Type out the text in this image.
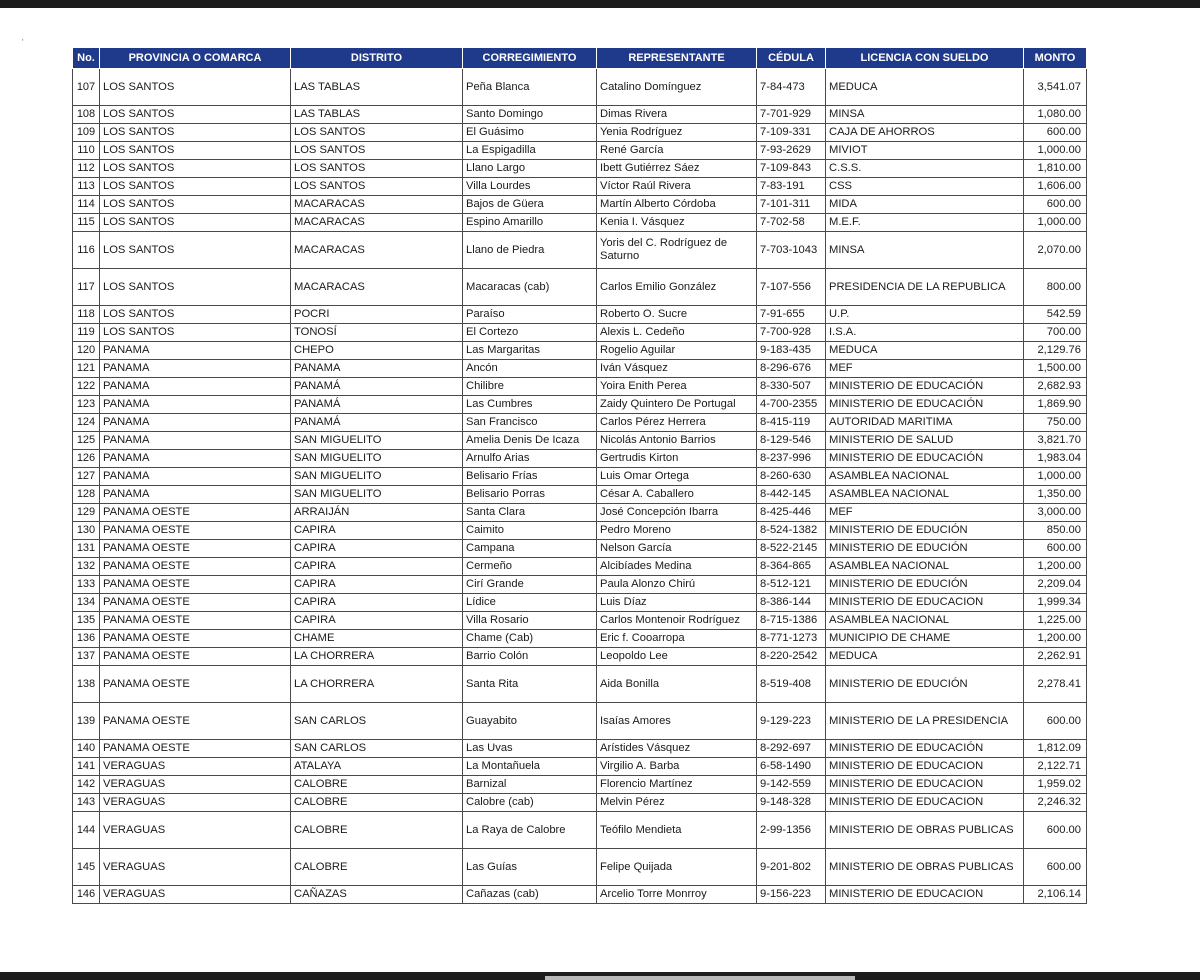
'
No.	PROVINCIA O COMARCA	DISTRITO	CORREGIMIENTO	REPRESENTANTE	CÉDULA	LICENCIA CON SUELDO	MONTO
107	LOS SANTOS	LAS TABLAS	Peña Blanca	Catalino Domínguez	7-84-473	MEDUCA	3,541.07
108	LOS SANTOS	LAS TABLAS	Santo Domingo	Dimas Rivera	7-701-929	MINSA	1,080.00
109	LOS SANTOS	LOS SANTOS	El Guásimo	Yenia Rodríguez	7-109-331	CAJA DE AHORROS	600.00
110	LOS SANTOS	LOS SANTOS	La Espigadilla	René García	7-93-2629	MIVIOT	1,000.00
112	LOS SANTOS	LOS SANTOS	Llano Largo	Ibett Gutiérrez Sáez	7-109-843	C.S.S.	1,810.00
113	LOS SANTOS	LOS SANTOS	Villa Lourdes	Víctor Raúl Rivera	7-83-191	CSS	1,606.00
114	LOS SANTOS	MACARACAS	Bajos de Güera	Martín Alberto Córdoba	7-101-311	MIDA	600.00
115	LOS SANTOS	MACARACAS	Espino Amarillo	Kenia I. Vásquez	7-702-58	M.E.F.	1,000.00
116	LOS SANTOS	MACARACAS	Llano de Piedra	Yoris del C. Rodríguez de Saturno	7-703-1043	MINSA	2,070.00
117	LOS SANTOS	MACARACAS	Macaracas (cab)	Carlos Emilio González	7-107-556	PRESIDENCIA DE LA REPUBLICA	800.00
118	LOS SANTOS	POCRI	Paraíso	Roberto O. Sucre	7-91-655	U.P.	542.59
119	LOS SANTOS	TONOSÍ	El Cortezo	Alexis L. Cedeño	7-700-928	I.S.A.	700.00
120	PANAMA	CHEPO	Las Margaritas	Rogelio Aguilar	9-183-435	MEDUCA	2,129.76
121	PANAMA	PANAMA	Ancón	Iván Vásquez	8-296-676	MEF	1,500.00
122	PANAMA	PANAMÁ	Chilibre	Yoira Enith Perea	8-330-507	MINISTERIO DE EDUCACIÓN	2,682.93
123	PANAMA	PANAMÁ	Las Cumbres	Zaidy Quintero De Portugal	4-700-2355	MINISTERIO DE EDUCACIÓN	1,869.90
124	PANAMA	PANAMÁ	San Francisco	Carlos Pérez Herrera	8-415-119	AUTORIDAD MARITIMA	750.00
125	PANAMA	SAN MIGUELITO	Amelia Denis De Icaza	Nicolás Antonio Barrios	8-129-546	MINISTERIO DE SALUD	3,821.70
126	PANAMA	SAN MIGUELITO	Arnulfo Arias	Gertrudis Kirton	8-237-996	MINISTERIO DE EDUCACIÓN	1,983.04
127	PANAMA	SAN MIGUELITO	Belisario Frías	Luis Omar Ortega	8-260-630	ASAMBLEA NACIONAL	1,000.00
128	PANAMA	SAN MIGUELITO	Belisario Porras	César A. Caballero	8-442-145	ASAMBLEA NACIONAL	1,350.00
129	PANAMA OESTE	ARRAIJÁN	Santa Clara	José Concepción Ibarra	8-425-446	MEF	3,000.00
130	PANAMA OESTE	CAPIRA	Caimito	Pedro Moreno	8-524-1382	MINISTERIO DE EDUCIÓN	850.00
131	PANAMA OESTE	CAPIRA	Campana	Nelson García	8-522-2145	MINISTERIO DE EDUCIÓN	600.00
132	PANAMA OESTE	CAPIRA	Cermeño	Alcibíades Medina	8-364-865	ASAMBLEA NACIONAL	1,200.00
133	PANAMA OESTE	CAPIRA	Cirí Grande	Paula Alonzo Chirú	8-512-121	MINISTERIO DE EDUCIÓN	2,209.04
134	PANAMA OESTE	CAPIRA	Lídice	Luis Díaz	8-386-144	MINISTERIO DE EDUCACION	1,999.34
135	PANAMA OESTE	CAPIRA	Villa Rosario	Carlos Montenoir Rodríguez	8-715-1386	ASAMBLEA NACIONAL	1,225.00
136	PANAMA OESTE	CHAME	Chame (Cab)	Eric f. Cooarropa	8-771-1273	MUNICIPIO DE CHAME	1,200.00
137	PANAMA OESTE	LA CHORRERA	Barrio Colón	Leopoldo Lee	8-220-2542	MEDUCA	2,262.91
138	PANAMA OESTE	LA CHORRERA	Santa Rita	Aida Bonilla	8-519-408	MINISTERIO DE EDUCIÓN	2,278.41
139	PANAMA OESTE	SAN CARLOS	Guayabito	Isaías Amores	9-129-223	MINISTERIO DE LA PRESIDENCIA	600.00
140	PANAMA OESTE	SAN CARLOS	Las Uvas	Arístides Vásquez	8-292-697	MINISTERIO DE EDUCACIÓN	1,812.09
141	VERAGUAS	ATALAYA	La Montañuela	Virgilio A. Barba	6-58-1490	MINISTERIO DE EDUCACION	2,122.71
142	VERAGUAS	CALOBRE	Barnizal	Florencio Martínez	9-142-559	MINISTERIO DE EDUCACION	1,959.02
143	VERAGUAS	CALOBRE	Calobre (cab)	Melvin Pérez	9-148-328	MINISTERIO DE EDUCACION	2,246.32
144	VERAGUAS	CALOBRE	La Raya de Calobre	Teófilo Mendieta	2-99-1356	MINISTERIO DE OBRAS PUBLICAS	600.00
145	VERAGUAS	CALOBRE	Las Guías	Felipe Quijada	9-201-802	MINISTERIO DE OBRAS PUBLICAS	600.00
146	VERAGUAS	CAÑAZAS	Cañazas (cab)	Arcelio Torre Monrroy	9-156-223	MINISTERIO DE EDUCACION	2,106.14
